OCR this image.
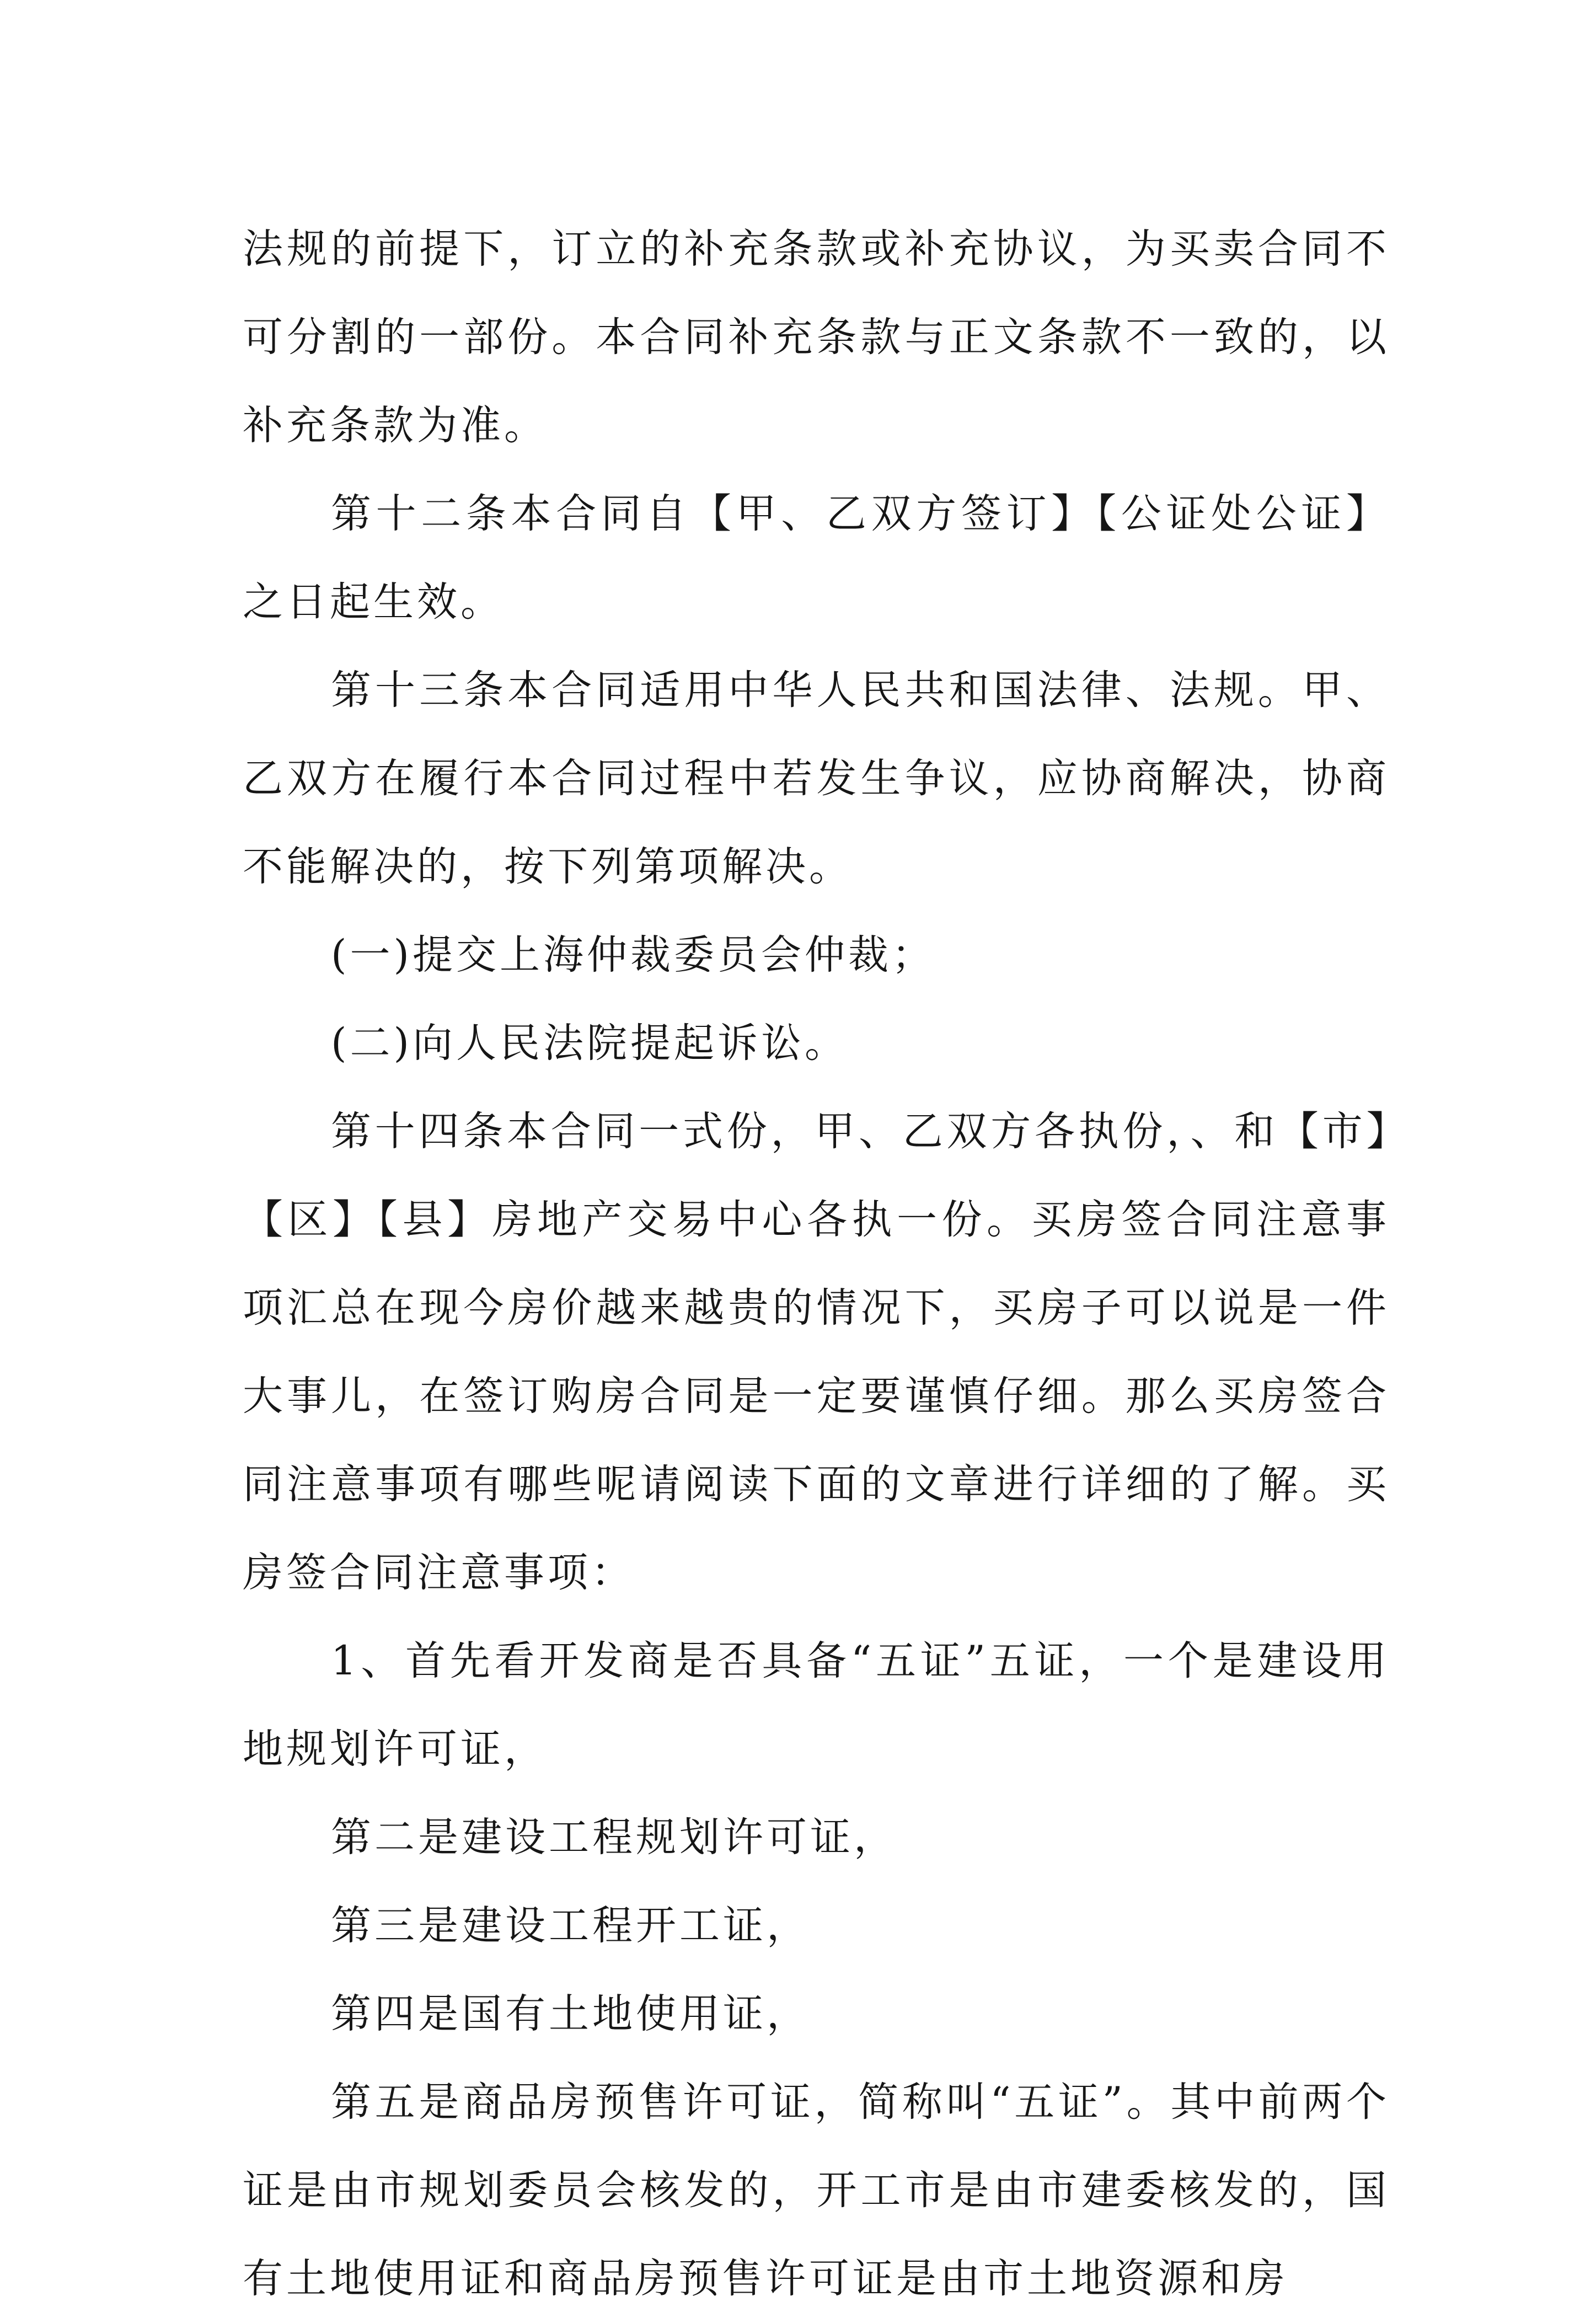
法规的前提下，订立的补充条款或补充协议，为买卖合同不可分割的一部份。本合同补充条款与正文条款不一致的，以补充条款为准。

第十二条本合同自【甲、乙双方签订】【公证处公证】之日起生效。

第十三条本合同适用中华人民共和国法律、法规。甲、乙双方在履行本合同过程中若发生争议，应协商解决，协商不能解决的，按下列第项解决。

(一)提交上海仲裁委员会仲裁；

(二)向人民法院提起诉讼。

第十四条本合同一式份，甲、乙双方各执份，、和【市】【区】【县】房地产交易中心各执一份。买房签合同注意事项汇总在现今房价越来越贵的情况下，买房子可以说是一件大事儿，在签订购房合同是一定要谨慎仔细。那么买房签合同注意事项有哪些呢请阅读下面的文章进行详细的了解。买房签合同注意事项：

1、首先看开发商是否具备“五证”五证，一个是建设用地规划许可证，

第二是建设工程规划许可证，

第三是建设工程开工证，

第四是国有土地使用证，

第五是商品房预售许可证，简称叫“五证”。其中前两个证是由市规划委员会核发的，开工市是由市建委核发的，国有土地使用证和商品房预售许可证是由市土地资源和房
